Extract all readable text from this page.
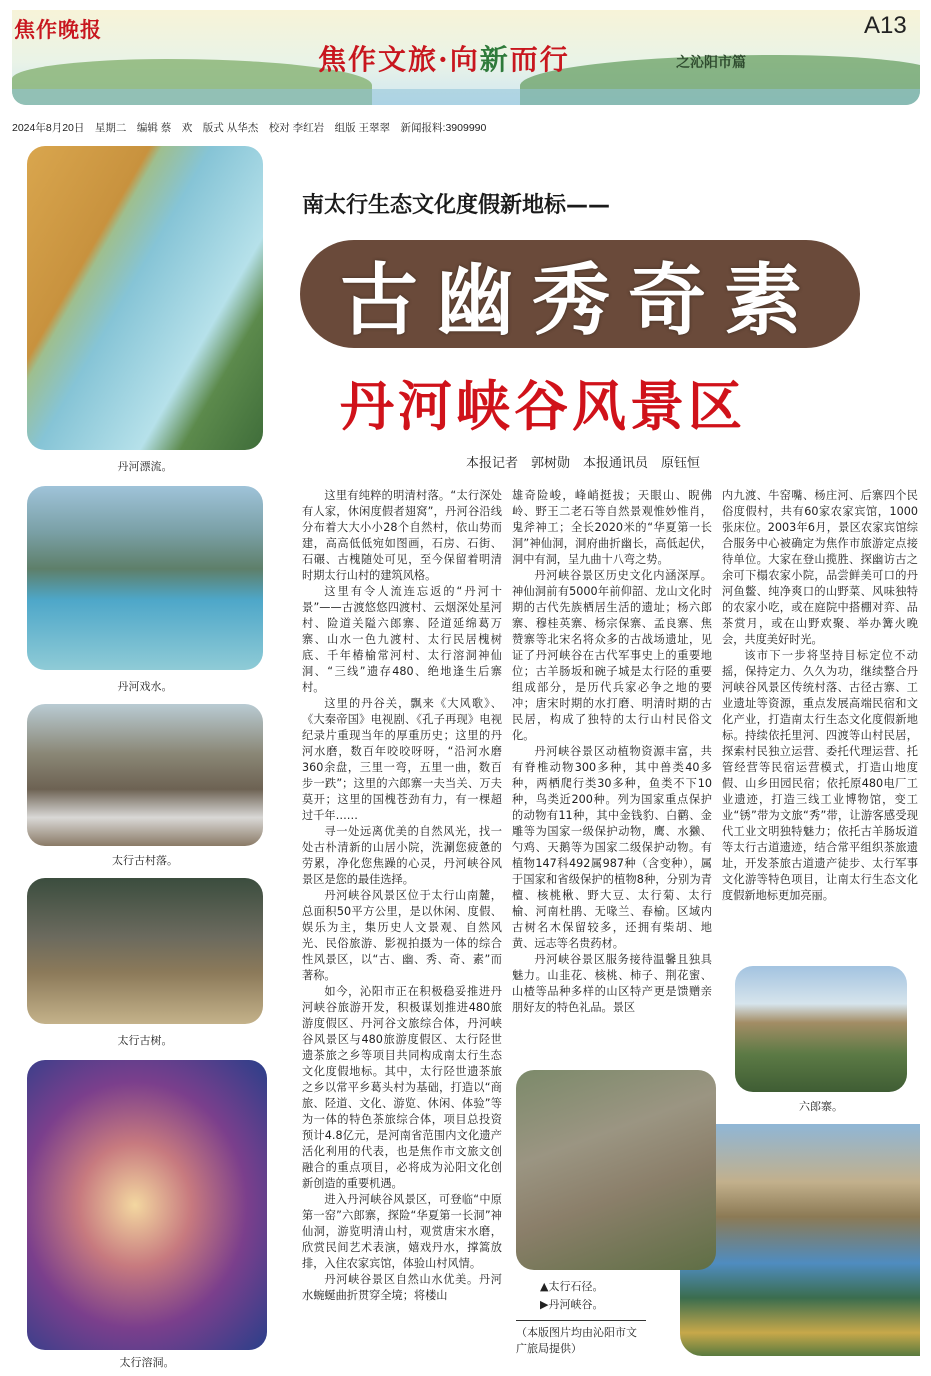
焦作晚报
焦作文旅·向新而行	之沁阳市篇
A13
2024年8月20日　星期二　编辑 蔡　欢　版式 从华杰　校对 李红岩　组版 王翠翠　新闻报料:3909990
丹河漂流。
丹河戏水。
太行古村落。
太行古树。
太行溶洞。
南太行生态文化度假新地标——
古幽秀奇素
丹河峡谷风景区
本报记者　郭树勋　本报通讯员　原钰恒

这里有纯粹的明清村落。“太行深处有人家，休闲度假者翅窝”，丹河谷沿线分布着大大小小28个自然村，依山势而建，高高低低宛如图画，石房、石街、石碾、古槐随处可见，至今保留着明清时期太行山村的建筑风格。

这里有令人流连忘返的“丹河十景”——古渡悠悠四渡村、云烟深处星河村、险道关隘六郎寨、陉道延绵葛万寨、山水一色九渡村、太行民居槐树底、千年椿榆常河村、太行溶洞神仙洞、“三线”遗存480、绝地逢生后寨村。

这里的丹谷关，飘来《大风歌》、《大秦帝国》电视剧、《孔子再现》电视纪录片重现当年的厚重历史；这里的丹河水磨，数百年咬咬呀呀，“沿河水磨360余盘，三里一弯，五里一曲，数百步一跌”；这里的六郎寨一夫当关、万夫莫开；这里的国槐苍劲有力，有一棵超过千年……

寻一处远离优美的自然风光，找一处古朴清新的山居小院，洗涮您疲惫的劳累，净化您焦躁的心灵，丹河峡谷风景区是您的最佳选择。

丹河峡谷风景区位于太行山南麓，总面积50平方公里，是以休闲、度假、娱乐为主，集历史人文景观、自然风光、民俗旅游、影视拍摄为一体的综合性风景区，以“古、幽、秀、奇、素”而著称。

如今，沁阳市正在积极稳妥推进丹河峡谷旅游开发，积极谋划推进480旅游度假区、丹河谷文旅综合体，丹河峡谷风景区与480旅游度假区、太行陉世遗茶旅之乡等项目共同构成南太行生态文化度假地标。其中，太行陉世遗茶旅之乡以常平乡葛头村为基础，打造以“商旅、陉道、文化、游览、休闲、体验”等为一体的特色茶旅综合体，项目总投资预计4.8亿元，是河南省范围内文化遗产活化利用的代表，也是焦作市文旅文创融合的重点项目，必将成为沁阳文化创新创造的重要机遇。

进入丹河峡谷风景区，可登临“中原第一窑”六郎寨，探险“华夏第一长洞”神仙洞，游览明清山村，观赏唐宋水磨，欣赏民间艺术表演，嬉戏丹水，撑篙放排，入住农家宾馆，体验山村风情。

丹河峡谷景区自然山水优美。丹河水蜿蜒曲折贯穿全境；将楼山

雄奇险峻，峰峭挺拔；天眼山、睨佛岭、野王二老石等自然景观惟妙惟肖，鬼斧神工；全长2020米的“华夏第一长洞”神仙洞，洞府曲折幽长，高低起伏，洞中有洞，呈九曲十八弯之势。

丹河峡谷景区历史文化内涵深厚。神仙洞前有5000年前仰韶、龙山文化时期的古代先族栖居生活的遗址；杨六郎寨、穆桂英寨、杨宗保寨、孟良寨、焦赞寨等北宋名将众多的古战场遗址，见证了丹河峡谷在古代军事史上的重要地位；古羊肠坂和碗子城是太行陉的重要组成部分，是历代兵家必争之地的要冲；唐宋时期的水打磨、明清时期的古民居，构成了独特的太行山村民俗文化。

丹河峡谷景区动植物资源丰富，共有脊椎动物300多种，其中兽类40多种，两栖爬行类30多种，鱼类不下10种，鸟类近200种。列为国家重点保护的动物有11种，其中金钱豹、白鹳、金雕等为国家一级保护动物，鹰、水獭、勺鸡、天鹅等为国家二级保护动物。有植物147科492属987种（含变种），属于国家和省级保护的植物8种，分别为青檀、核桃楸、野大豆、太行菊、太行榆、河南杜鹃、无喙兰、春榆。区域内古树名木保留较多，还拥有柴胡、地黄、远志等名贵药材。

丹河峡谷景区服务接待温馨且独具魅力。山韭花、核桃、柿子、荆花蜜、山楂等品种多样的山区特产更是馈赠亲朋好友的特色礼品。景区

内九渡、牛窑嘴、杨庄河、后寨四个民俗度假村，共有60家农家宾馆，1000张床位。2003年6月，景区农家宾馆综合服务中心被确定为焦作市旅游定点接待单位。大家在登山揽胜、探幽访古之余可下榻农家小院，品尝鲜美可口的丹河鱼鳖、纯净爽口的山野菜、风味独特的农家小吃，或在庭院中搭棚对弈、品茶赏月，或在山野欢聚、举办篝火晚会，共度美好时光。

该市下一步将坚持目标定位不动摇，保持定力、久久为功，继续整合丹河峡谷风景区传统村落、古径古寨、工业遗址等资源，重点发展高端民宿和文化产业，打造南太行生态文化度假新地标。持续依托里河、四渡等山村民居，探索村民独立运营、委托代理运营、托管经营等民宿运营模式，打造山地度假、山乡田园民宿；依托原480电厂工业遗迹，打造三线工业博物馆，变工业“锈”带为文旅“秀”带，让游客感受现代工业文明独特魅力；依托古羊肠坂道等太行古道遗迹，结合常平组织茶旅遗址，开发茶旅古道遗产徒步、太行军事文化游等特色项目，让南太行生态文化度假新地标更加亮丽。

六郎寨。
▲太行石径。
▶丹河峡谷。
（本版图片均由沁阳市文广旅局提供）
